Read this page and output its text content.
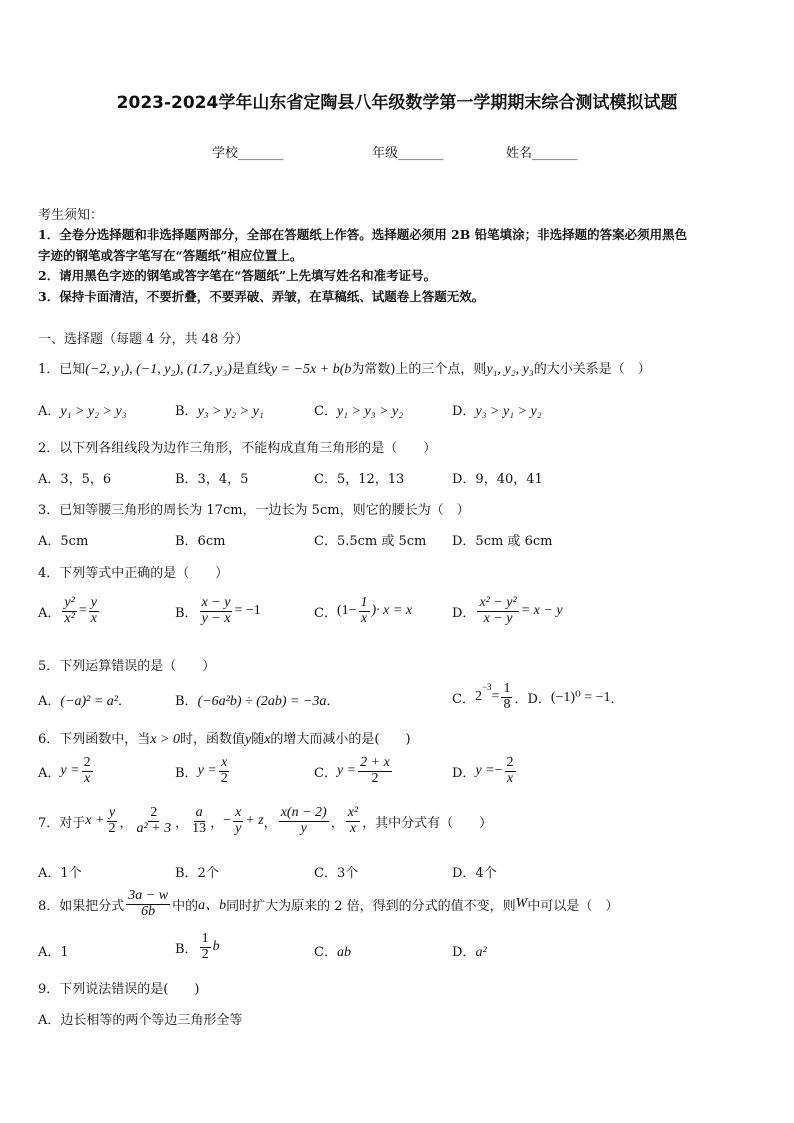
2023-2024学年山东省定陶县八年级数学第一学期期末综合测试模拟试题
学校_______	年级_______	姓名_______
考生须知：
1．全卷分选择题和非选择题两部分，全部在答题纸上作答。选择题必须用 2B 铅笔填涂；非选择题的答案必须用黑色
字迹的钢笔或答字笔写在“答题纸”相应位置上。
2．请用黑色字迹的钢笔或答字笔在“答题纸”上先填写姓名和准考证号。
3．保持卡面清洁，不要折叠，不要弄破、弄皱，在草稿纸、试题卷上答题无效。
一、选择题（每题 4 分，共 48 分）
1．已知(−2, y₁), (−1, y₂), (1.7, y₃)是直线y = −5x + b(b为常数)上的三个点，则y₁, y₂, y₃的大小关系是（　）
A．y₁ > y₂ > y₃	B．y₃ > y₂ > y₁	C．y₁ > y₃ > y₂	D．y₃ > y₁ > y₂
2．以下列各组线段为边作三角形，不能构成直角三角形的是（　　）
A．3，5，6	B．3，4，5	C．5，12，13	D．9，40，41
3．已知等腰三角形的周长为 17cm，一边长为 5cm，则它的腰长为（　）
A．5cm	B．6cm	C．5.5cm 或 5cm D．5cm 或 6cm
4．下列等式中正确的是（　　）
A． $\frac{\text{y²}}{\text{x²}} = \frac{y}{x}$	B． $\frac{x - y}{y - x} = -1$	C． ($1- \frac{1}{x}$ )· x = x	D． $\frac{\text{x² − y²}}{x - y} = x - y$
5．下列运算错误的是（　　）
A．(−a)² = a²．	B．(−6a²b) ÷ (2ab) = −3a．	C． 2
$^{-3}$
= $\frac{1}{8}$ ．D． (−1)⁰ = −1 ．
6．下列函数中，当x > 0时，函数值y随x的增大而减小的是(　　)
A． $y = \frac{2}{x}$	B． $y = \frac{x}{2}$	C． $y = \frac{2 + x}{2}$	D． y = − $\frac{2}{x}$
7．对于 $x + \frac{y}{2}$ ， $\frac{2}{\text{a² + 3}}$ ， $\frac{a}{13}$ ， − $\frac{x}{y} + z$ ， $\frac{x(n - 2)}{y}$ ， $\frac{\text{x²}}{x}$ ，其中分式有（　　）
A．1个	B．2个	C．3个	D．4个
8．如果把分式 $\frac{3a - w}{6b}$ 中的 a、b 同时扩大为原来的 2 倍，得到的分式的值不变，则 W 中可以是（　）
A．1	B． $\frac{1}{2}$ b	C．ab	D．a²
9．下列说法错误的是(　　)
A．边长相等的两个等边三角形全等
